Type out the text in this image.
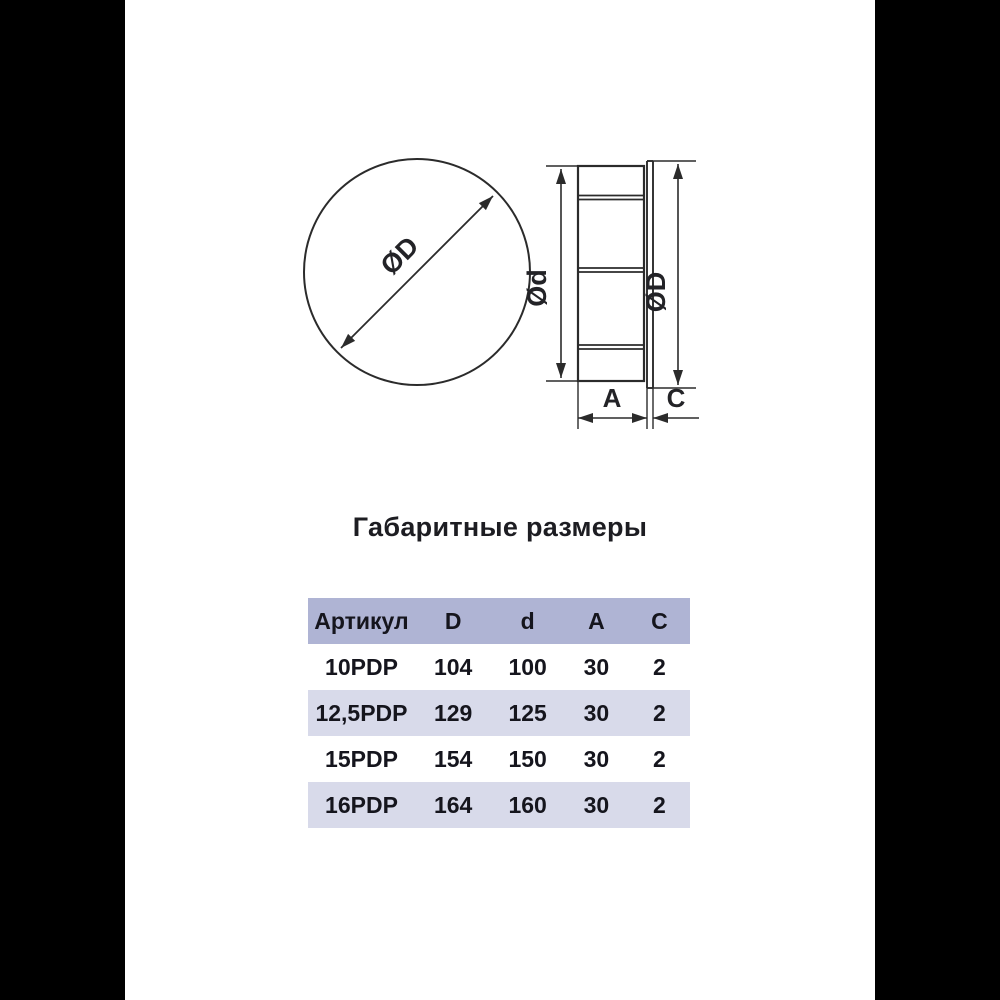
ØD
Ød	ØD
A C
Габаритные размеры
Артикул	D	d	A	C
10PDP	104	100	30	2
12,5PDP	129	125	30	2
15PDP	154	150	30	2
16PDP	164	160	30	2
